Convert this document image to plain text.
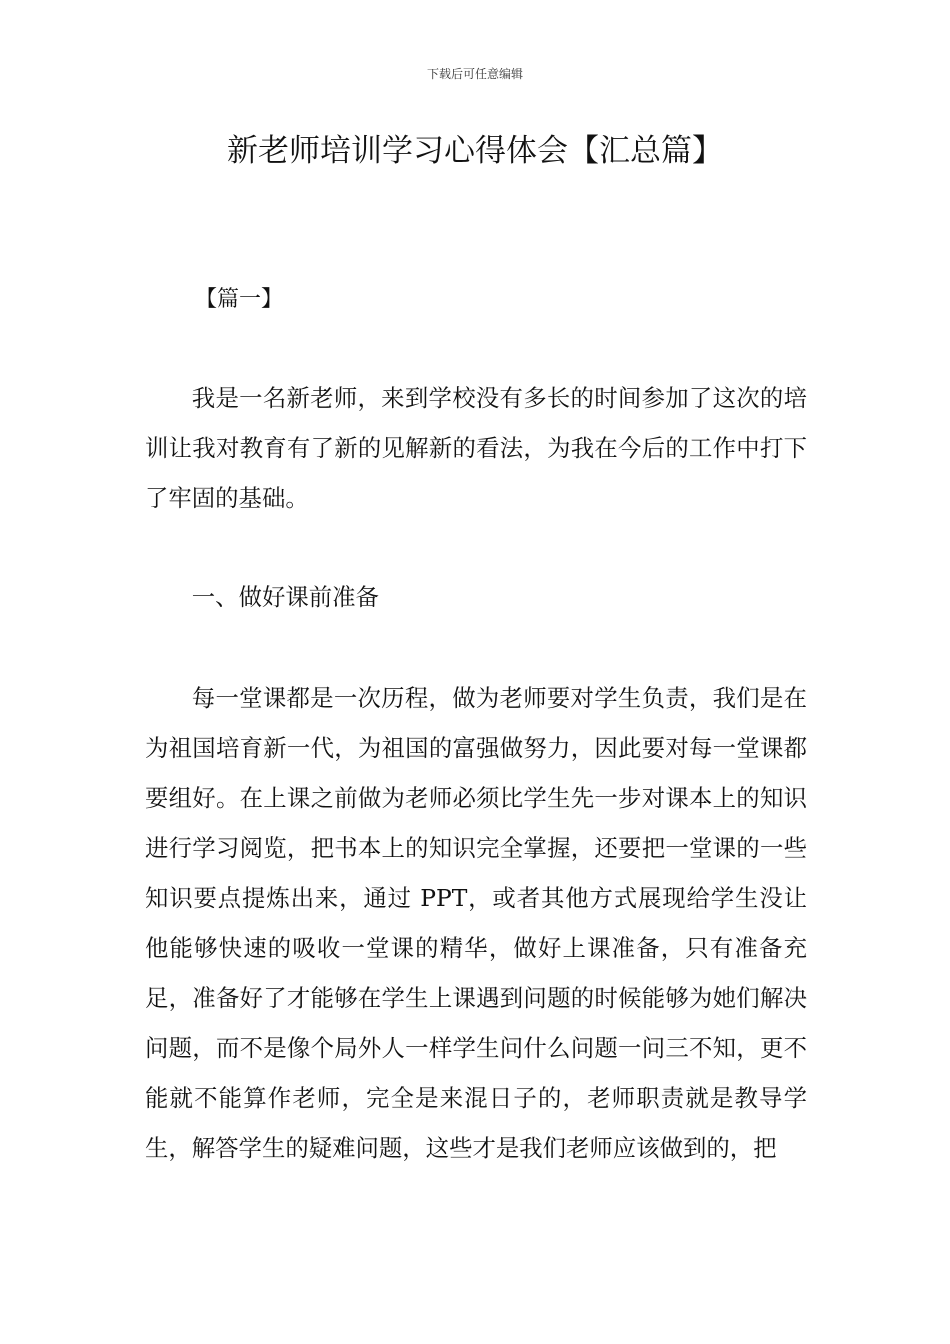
下载后可任意编辑
新老师培训学习心得体会【汇总篇】
【篇一】

我是一名新老师，来到学校没有多长的时间参加了这次的培训让我对教育有了新的见解新的看法，为我在今后的工作中打下了牢固的基础。

一、做好课前准备

每一堂课都是一次历程，做为老师要对学生负责，我们是在为祖国培育新一代，为祖国的富强做努力，因此要对每一堂课都要组好。在上课之前做为老师必须比学生先一步对课本上的知识进行学习阅览，把书本上的知识完全掌握，还要把一堂课的一些知识要点提炼出来，通过 PPT，或者其他方式展现给学生没让他能够快速的吸收一堂课的精华，做好上课准备，只有准备充足，准备好了才能够在学生上课遇到问题的时候能够为她们解决问题，而不是像个局外人一样学生问什么问题一问三不知，更不能就不能算作老师，完全是来混日子的，老师职责就是教导学生，解答学生的疑难问题，这些才是我们老师应该做到的，把
